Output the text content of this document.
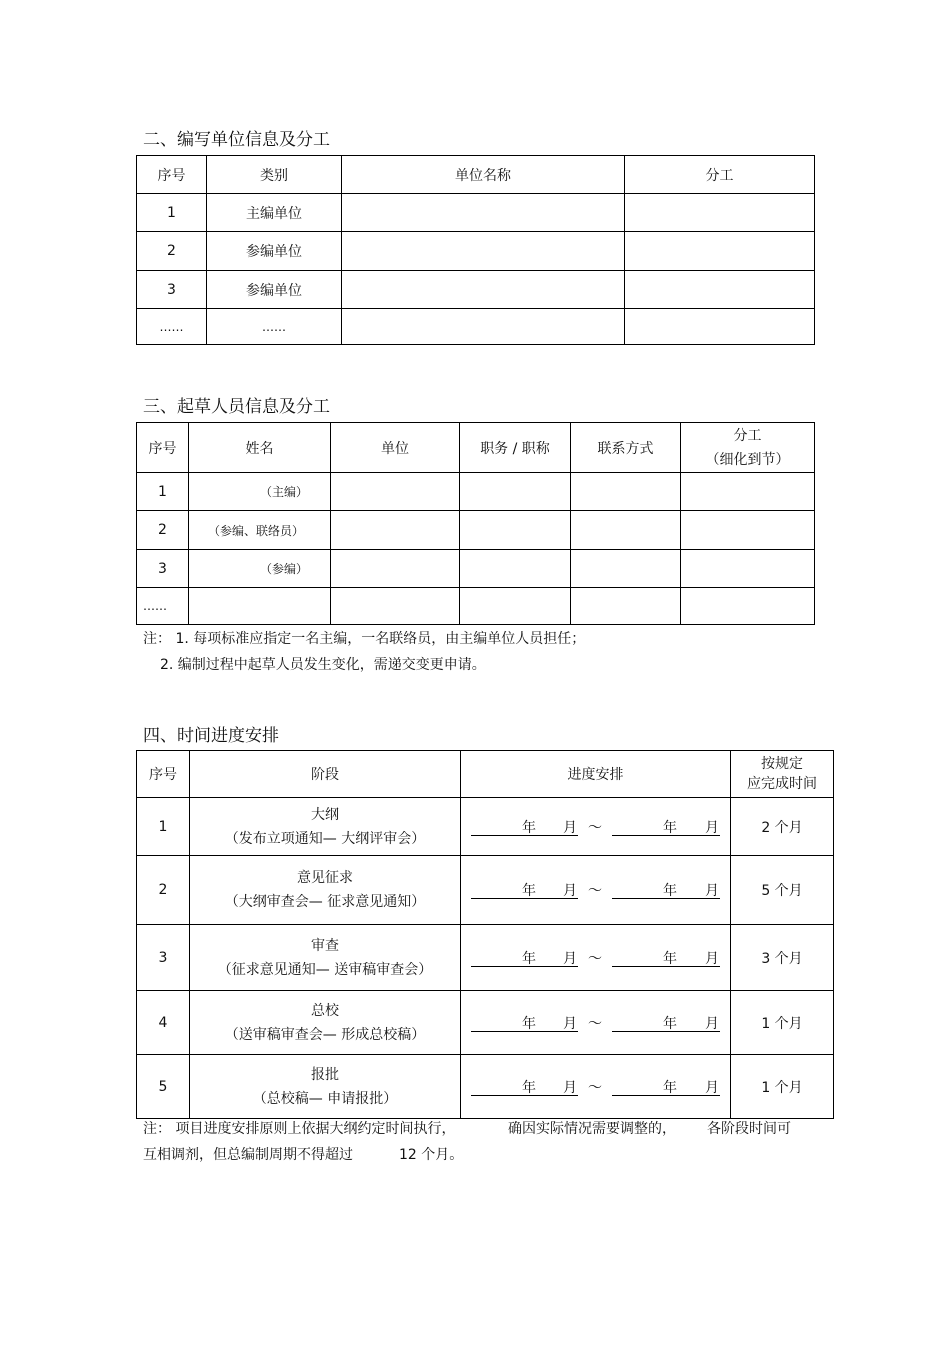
二、编写单位信息及分工
序号	类别	单位名称	分工
1	主编单位		
2	参编单位		
3	参编单位		
……	……		
三、起草人员信息及分工
序号	姓名	单位	职务 / 职称	联系方式	分工
（细化到节）

1	（主编）				
2	（参编、联络员）				
3	（参编）				
……					
注： 1. 每项标准应指定一名主编，一名联络员，由主编单位人员担任；
2. 编制过程中起草人员发生变化，需递交变更申请。
四、时间进度安排
序号	阶段	进度安排	按规定
应完成时间

1	大纲
（发布立项通知— 大纲评审会）	年 月 ～ 年 月	2 个月
2	意见征求
（大纲审查会— 征求意见通知）	年 月 ～ 年 月	5 个月
3	审查
（征求意见通知— 送审稿审查会）	年 月 ～ 年 月	3 个月
4	总校
（送审稿审查会— 形成总校稿）	年 月 ～ 年 月	1 个月
5	报批
（总校稿— 申请报批）	年 月 ～ 年 月	1 个月
注： 项目进度安排原则上依据大纲约定时间执行，	确因实际情况需要调整的， 各阶段时间可
互相调剂，但总编制周期不得超过	12 个月。
